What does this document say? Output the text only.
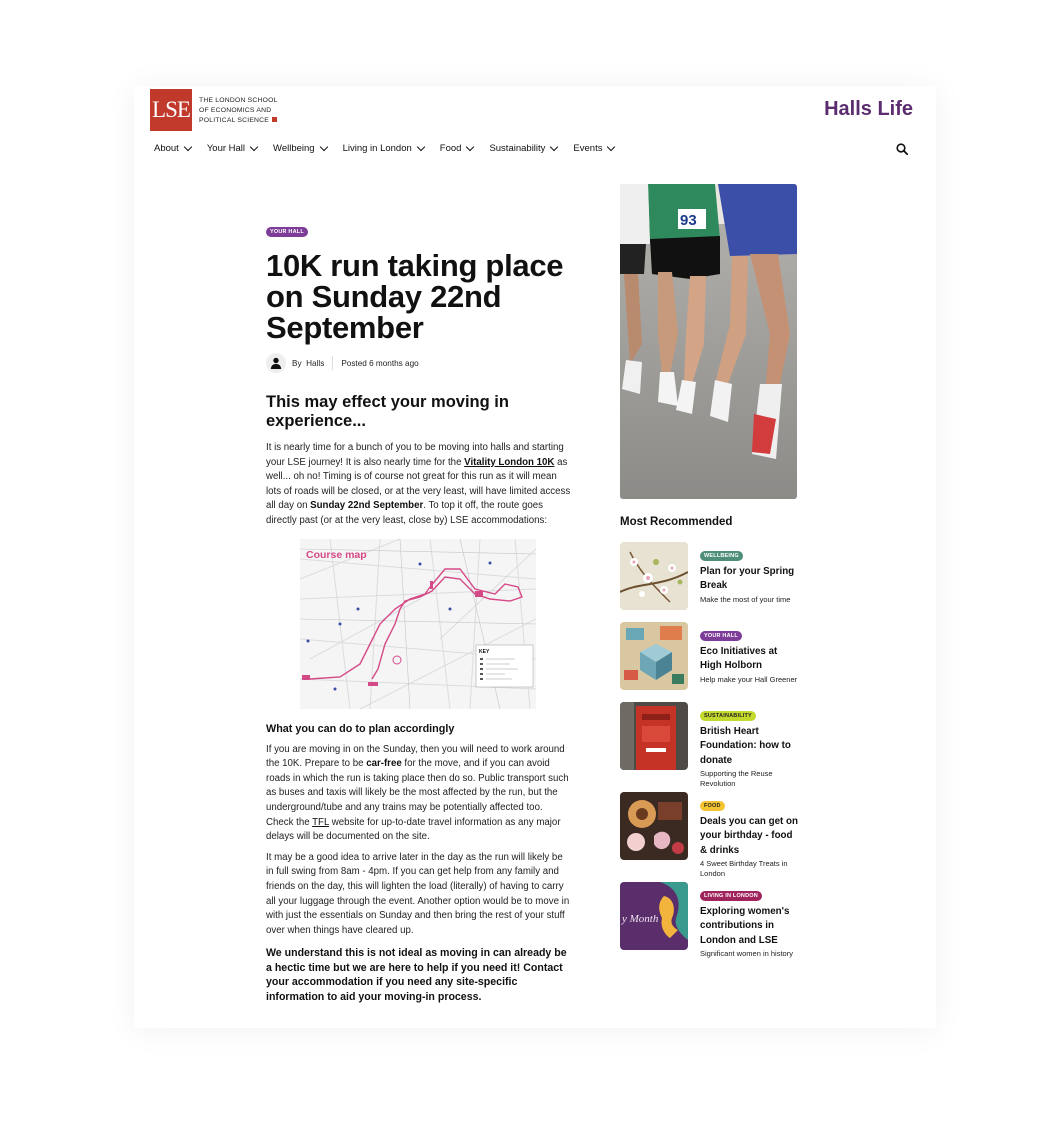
LSE	THE LONDON SCHOOL
OF ECONOMICS AND
POLITICAL SCIENCE
Halls Life
About	Your Hall	Wellbeing	Living in London	Food	Sustainability	Events
YOUR HALL
10K run taking place on Sunday 22nd September
By
Halls Posted 6 months ago
This may effect your moving in experience...

It is nearly time for a bunch of you to be moving into halls and starting your LSE journey! It is also nearly time for the Vitality London 10K as well... oh no! Timing is of course not great for this run as it will mean lots of roads will be closed, or at the very least, will have limited access all day on Sunday 22nd September. To top it off, the route goes directly past (or at the very least, close by) LSE accommodations:

Course map
KEY
What you can do to plan accordingly

If you are moving in on the Sunday, then you will need to work around the 10K. Prepare to be car-free for the move, and if you can avoid roads in which the run is taking place then do so. Public transport such as buses and taxis will likely be the most affected by the run, but the underground/tube and any trains may be potentially affected too. Check the TFL website for up-to-date travel information as any major delays will be documented on the site.

It may be a good idea to arrive later in the day as the run will likely be in full swing from 8am - 4pm. If you can get help from any family and friends on the day, this will lighten the load (literally) of having to carry all your luggage through the event. Another option would be to move in with just the essentials on Sunday and then bring the rest of your stuff over when things have cleared up.

We understand this is not ideal as moving in can already be a hectic time but we are here to help if you need it! Contact your accommodation if you need any site-specific information to aid your moving-in process.

93
Most Recommended
WELLBEING
Plan for your Spring Break
Make the most of your time
YOUR HALL
Eco Initiatives at High Holborn
Help make your Hall Greener
SUSTAINABILITY
British Heart Foundation: how to donate
Supporting the Reuse Revolution
FOOD
Deals you can get on your birthday - food & drinks
4 Sweet Birthday Treats in London
y Month
LIVING IN LONDON
Exploring women's contributions in London and LSE
Significant women in history
